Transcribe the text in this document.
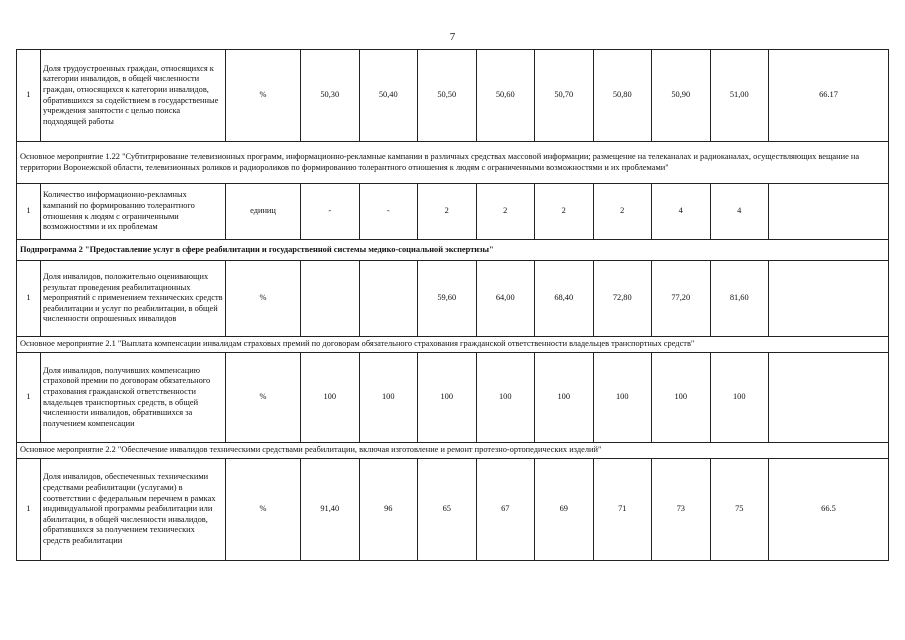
7
1	Доля трудоустроенных граждан, относящихся к категории инвалидов, в общей численности граждан, относящихся к категории инвалидов, обратившихся за содействием в государственные учреждения занятости с целью поиска подходящей работы	%	50,30	50,40	50,50	50,60	50,70	50,80	50,90	51,00	66.17
Основное мероприятие 1.22 "Субтитрирование телевизионных программ, информационно-рекламные кампании в различных средствах массовой информации; размещение на телеканалах и радиоканалах, осуществляющих вещание на территории Воронежской области, телевизионных роликов и радиороликов по формированию толерантного отношения к людям с ограниченными возможностями и их проблемами"											
1	Количество информационно-рекламных кампаний по формированию толерантного отношения к людям с ограниченными возможностями и их проблемам	единиц	-	-	2	2	2	2	4	4	
Подпрограмма 2 "Предоставление услуг в сфере реабилитации и государственной системы медико-социальной экспертизы"											
1	Доля инвалидов, положительно оценивающих результат проведения реабилитационных мероприятий с применением технических средств реабилитации и услуг по реабилитации, в общей численности опрошенных инвалидов	%			59,60	64,00	68,40	72,80	77,20	81,60	
Основное мероприятие 2.1 "Выплата компенсации инвалидам страховых премий по договорам обязательного страхования гражданской ответственности владельцев транспортных средств"											
1	Доля инвалидов, получивших компенсацию страховой премии по договорам обязательного страхования гражданской ответственности владельцев транспортных средств, в общей численности инвалидов, обратившихся за получением компенсации	%	100	100	100	100	100	100	100	100	
Основное мероприятие 2.2 "Обеспечение инвалидов техническими средствами реабилитации, включая изготовление и ремонт протезно-ортопедических изделий"											
1	Доля инвалидов, обеспеченных техническими средствами реабилитации (услугами) в соответствии с федеральным перечнем в рамках индивидуальной программы реабилитации или абилитации, в общей численности инвалидов, обратившихся за получением технических средств реабилитации	%	91,40	96	65	67	69	71	73	75	66.5
